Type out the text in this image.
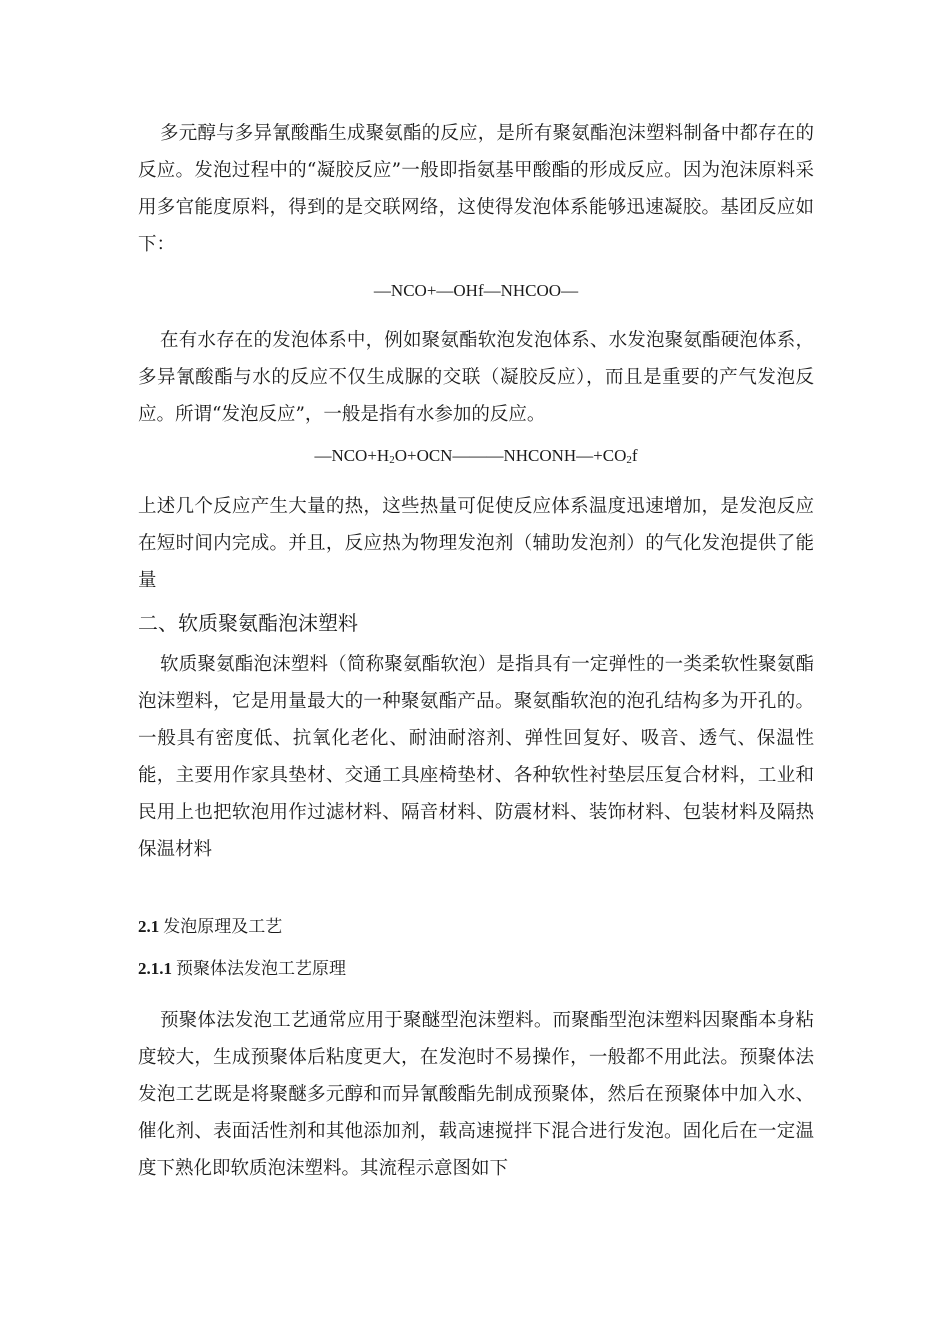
多元醇与多异氰酸酯生成聚氨酯的反应，是所有聚氨酯泡沫塑料制备中都存在的反应。发泡过程中的“凝胶反应”一般即指氨基甲酸酯的形成反应。因为泡沫原料采用多官能度原料，得到的是交联网络，这使得发泡体系能够迅速凝胶。基团反应如下：

—NCO+—OHf—NHCOO—

在有水存在的发泡体系中，例如聚氨酯软泡发泡体系、水发泡聚氨酯硬泡体系，多异氰酸酯与水的反应不仅生成脲的交联（凝胶反应），而且是重要的产气发泡反应。所谓“发泡反应”，一般是指有水参加的反应。

$—NCO+H_2O+OCN———NHCONH—+CO_2f$

上述几个反应产生大量的热，这些热量可促使反应体系温度迅速增加，是发泡反应在短时间内完成。并且，反应热为物理发泡剂（辅助发泡剂）的气化发泡提供了能量

二、软质聚氨酯泡沫塑料

软质聚氨酯泡沫塑料（简称聚氨酯软泡）是指具有一定弹性的一类柔软性聚氨酯泡沫塑料，它是用量最大的一种聚氨酯产品。聚氨酯软泡的泡孔结构多为开孔的。一般具有密度低、抗氧化老化、耐油耐溶剂、弹性回复好、吸音、透气、保温性能，主要用作家具垫材、交通工具座椅垫材、各种软性衬垫层压复合材料，工业和民用上也把软泡用作过滤材料、隔音材料、防震材料、装饰材料、包装材料及隔热保温材料

2.1 发泡原理及工艺
2.1.1 预聚体法发泡工艺原理

预聚体法发泡工艺通常应用于聚醚型泡沫塑料。而聚酯型泡沫塑料因聚酯本身粘度较大，生成预聚体后粘度更大，在发泡时不易操作，一般都不用此法。预聚体法发泡工艺既是将聚醚多元醇和而异氰酸酯先制成预聚体，然后在预聚体中加入水、催化剂、表面活性剂和其他添加剂，载高速搅拌下混合进行发泡。固化后在一定温度下熟化即软质泡沫塑料。其流程示意图如下
